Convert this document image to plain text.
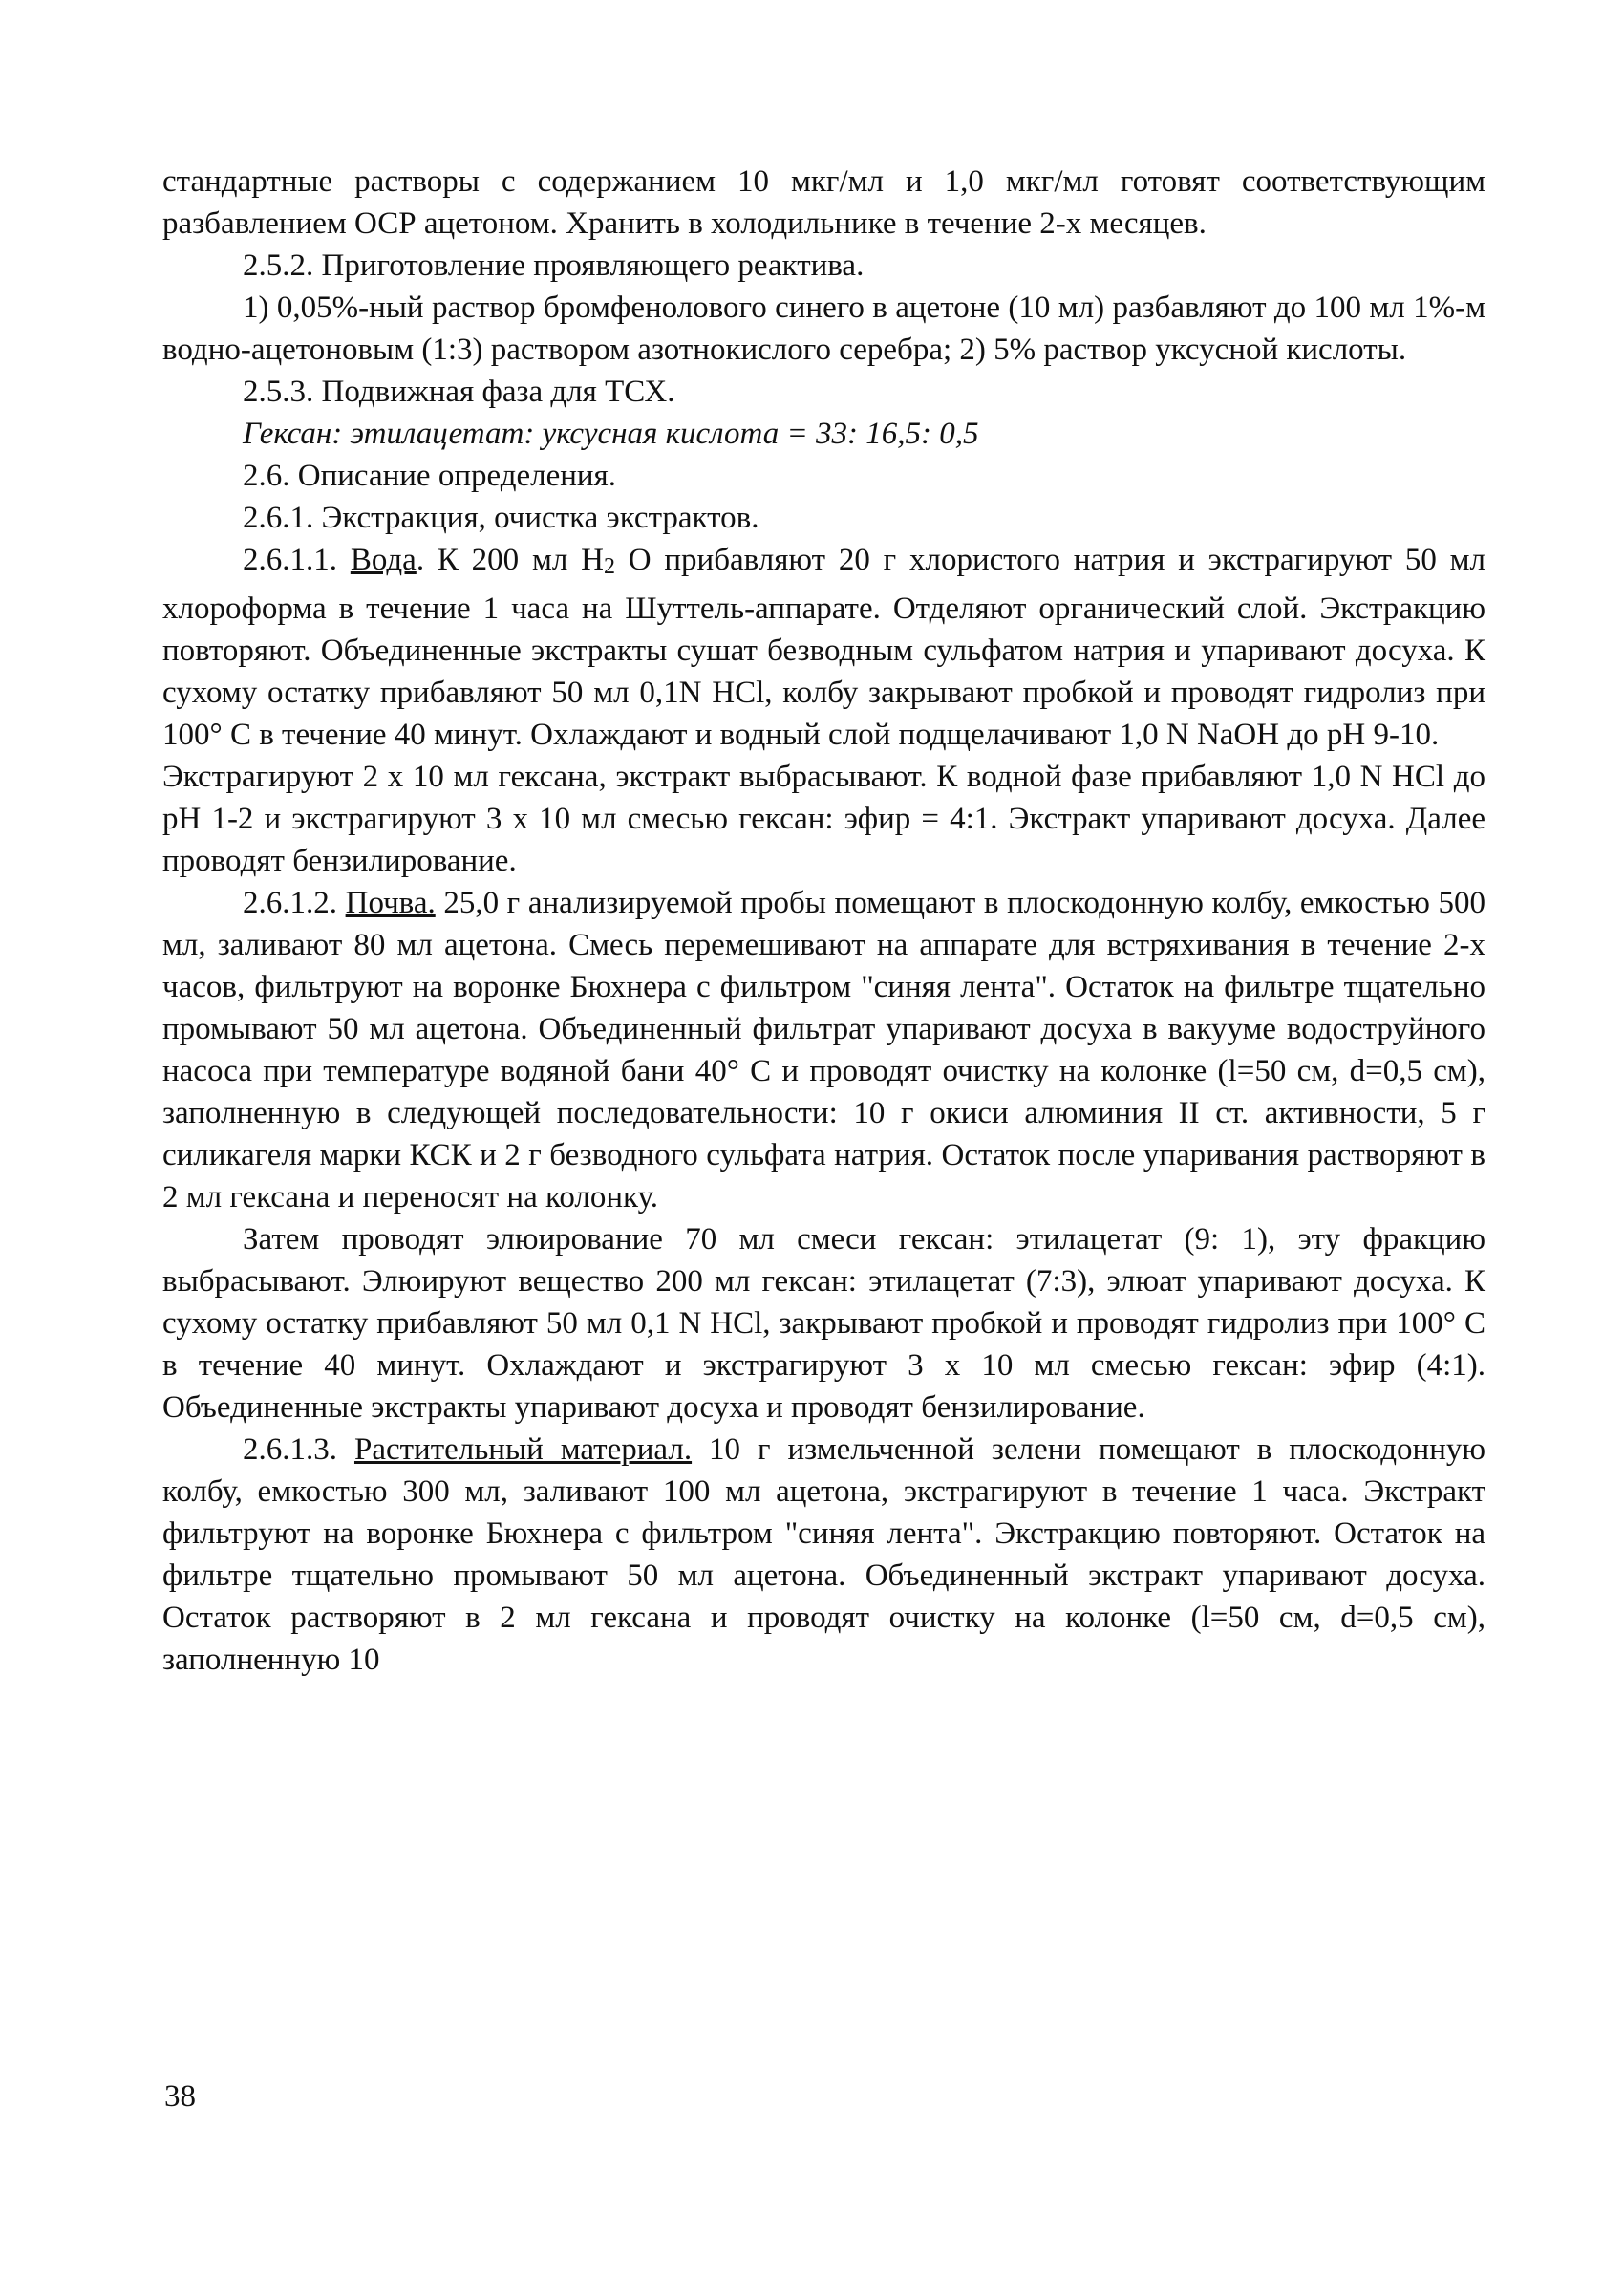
стандартные растворы с содержанием 10 мкг/мл и 1,0 мкг/мл готовят соответствующим разбавлением ОСР ацетоном. Хранить в холодильнике в течение 2-х месяцев.

2.5.2. Приготовление проявляющего реактива.

1) 0,05%-ный раствор бромфенолового синего в ацетоне (10 мл) разбавляют до 100 мл 1%-м водно-ацетоновым (1:3) раствором азотнокислого серебра; 2) 5% раствор уксусной кислоты.

2.5.3. Подвижная фаза для ТСХ.

Гексан: этилацетат: уксусная кислота = 33: 16,5: 0,5

2.6. Описание определения.

2.6.1. Экстракция, очистка экстрактов.

2.6.1.1. Вода. К 200 мл H2 О прибавляют 20 г хлористого натрия и экстрагируют 50 мл хлороформа в течение 1 часа на Шуттель-аппарате. Отделяют органический слой. Экстракцию повторяют. Объединенные экстракты сушат безводным сульфатом натрия и упаривают досуха. К сухому остатку прибавляют 50 мл 0,1N HCl, колбу закрывают пробкой и проводят гидролиз при 100° С в течение 40 минут. Охлаждают и водный слой подщелачивают 1,0 N NaOH до pH 9-10.

Экстрагируют 2 х 10 мл гексана, экстракт выбрасывают. К водной фазе прибавляют 1,0 N HCl до pH 1-2 и экстрагируют 3 х 10 мл смесью гексан: эфир = 4:1. Экстракт упаривают досуха. Далее проводят бензилирование.

2.6.1.2. Почва. 25,0 г анализируемой пробы помещают в плоскодонную колбу, емкостью 500 мл, заливают 80 мл ацетона. Смесь перемешивают на аппарате для встряхивания в течение 2-х часов, фильтруют на воронке Бюхнера с фильтром "синяя лента". Остаток на фильтре тщательно промывают 50 мл ацетона. Объединенный фильтрат упаривают досуха в вакууме водоструйного насоса при температуре водяной бани 40° С и проводят очистку на колонке (l=50 см, d=0,5 см), заполненную в следующей последовательности: 10 г окиси алюминия II ст. активности, 5 г силикагеля марки КСК и 2 г безводного сульфата натрия. Остаток после упаривания растворяют в 2 мл гексана и переносят на колонку.

Затем проводят элюирование 70 мл смеси гексан: этилацетат (9: 1), эту фракцию выбрасывают. Элюируют вещество 200 мл гексан: этилацетат (7:3), элюат упаривают досуха. К сухому остатку прибавляют 50 мл 0,1 N HCl, закрывают пробкой и проводят гидролиз при 100° С в течение 40 минут. Охлаждают и экстрагируют 3 х 10 мл смесью гексан: эфир (4:1). Объединенные экстракты упаривают досуха и проводят бензилирование.

2.6.1.3. Растительный материал. 10 г измельченной зелени помещают в плоскодонную колбу, емкостью 300 мл, заливают 100 мл ацетона, экстрагируют в течение 1 часа. Экстракт фильтруют на воронке Бюхнера с фильтром "синяя лента". Экстракцию повторяют. Остаток на фильтре тщательно промывают 50 мл ацетона. Объединенный экстракт упаривают досуха. Остаток растворяют в 2 мл гексана и проводят очистку на колонке (l=50 см, d=0,5 см), заполненную 10

38
